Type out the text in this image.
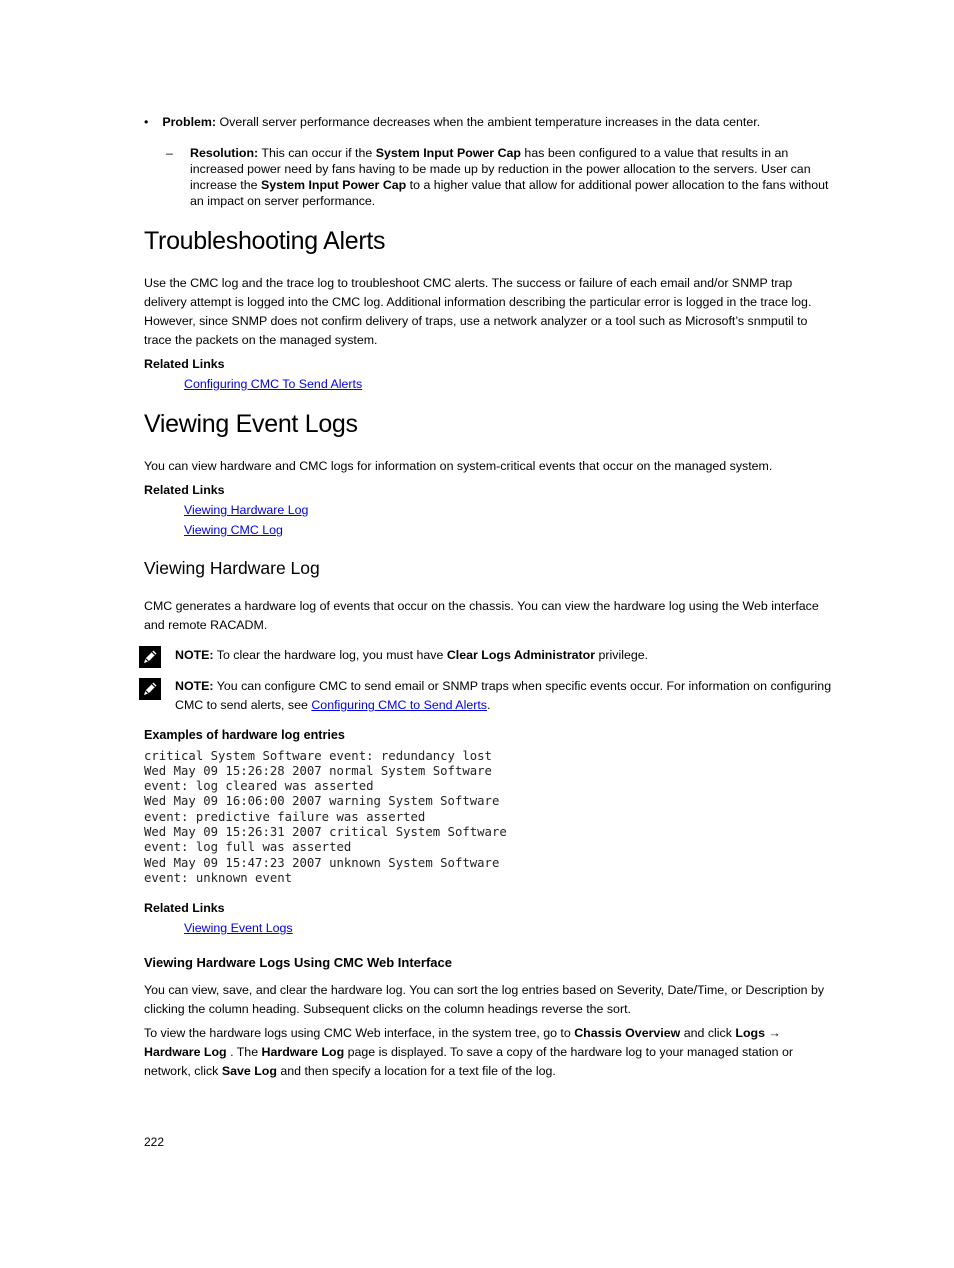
• Problem: Overall server performance decreases when the ambient temperature increases in the data center.
– Resolution: This can occur if the System Input Power Cap has been configured to a value that results in an increased power need by fans having to be made up by reduction in the power allocation to the servers. User can increase the System Input Power Cap to a higher value that allow for additional power allocation to the fans without an impact on server performance.
Troubleshooting Alerts
Use the CMC log and the trace log to troubleshoot CMC alerts. The success or failure of each email and/or SNMP trap delivery attempt is logged into the CMC log. Additional information describing the particular error is logged in the trace log. However, since SNMP does not confirm delivery of traps, use a network analyzer or a tool such as Microsoft’s snmputil to trace the packets on the managed system.
Related Links
Configuring CMC To Send Alerts
Viewing Event Logs
You can view hardware and CMC logs for information on system-critical events that occur on the managed system.
Related Links
Viewing Hardware Log
Viewing CMC Log
Viewing Hardware Log
CMC generates a hardware log of events that occur on the chassis. You can view the hardware log using the Web interface and remote RACADM.
NOTE: To clear the hardware log, you must have Clear Logs Administrator privilege.
NOTE: You can configure CMC to send email or SNMP traps when specific events occur. For information on configuring CMC to send alerts, see Configuring CMC to Send Alerts.
Examples of hardware log entries
critical System Software event: redundancy lost
Wed May 09 15:26:28 2007 normal System Software
event: log cleared was asserted
Wed May 09 16:06:00 2007 warning System Software
event: predictive failure was asserted
Wed May 09 15:26:31 2007 critical System Software
event: log full was asserted
Wed May 09 15:47:23 2007 unknown System Software
event: unknown event
Related Links
Viewing Event Logs
Viewing Hardware Logs Using CMC Web Interface
You can view, save, and clear the hardware log. You can sort the log entries based on Severity, Date/Time, or Description by clicking the column heading. Subsequent clicks on the column headings reverse the sort.
To view the hardware logs using CMC Web interface, in the system tree, go to Chassis Overview and click Logs → Hardware Log . The Hardware Log page is displayed. To save a copy of the hardware log to your managed station or network, click Save Log and then specify a location for a text file of the log.
222
